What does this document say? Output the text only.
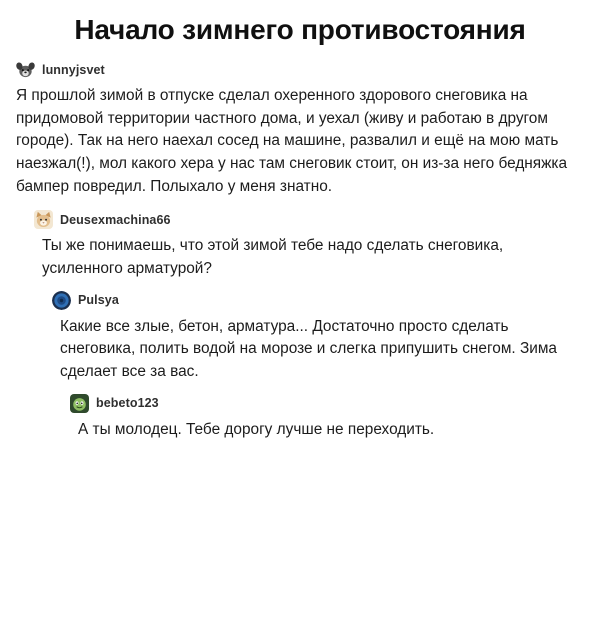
Начало зимнего противостояния
lunnyjsvet
Я прошлой зимой в отпуске сделал охеренного здорового снеговика на придомовой территории частного дома, и уехал (живу и работаю в другом городе). Так на него наехал сосед на машине, развалил и ещё на мою мать наезжал(!), мол какого хера у нас там снеговик стоит, он из-за него бедняжка бампер повредил. Полыхало у меня знатно.
Deusexmachina66
Ты же понимаешь, что этой зимой тебе надо сделать снеговика, усиленного арматурой?
Pulsya
Какие все злые, бетон, арматура... Достаточно просто сделать снеговика, полить водой на морозе и слегка припушить снегом. Зима сделает все за вас.
bebeto123
А ты молодец. Тебе дорогу лучше не переходить.
